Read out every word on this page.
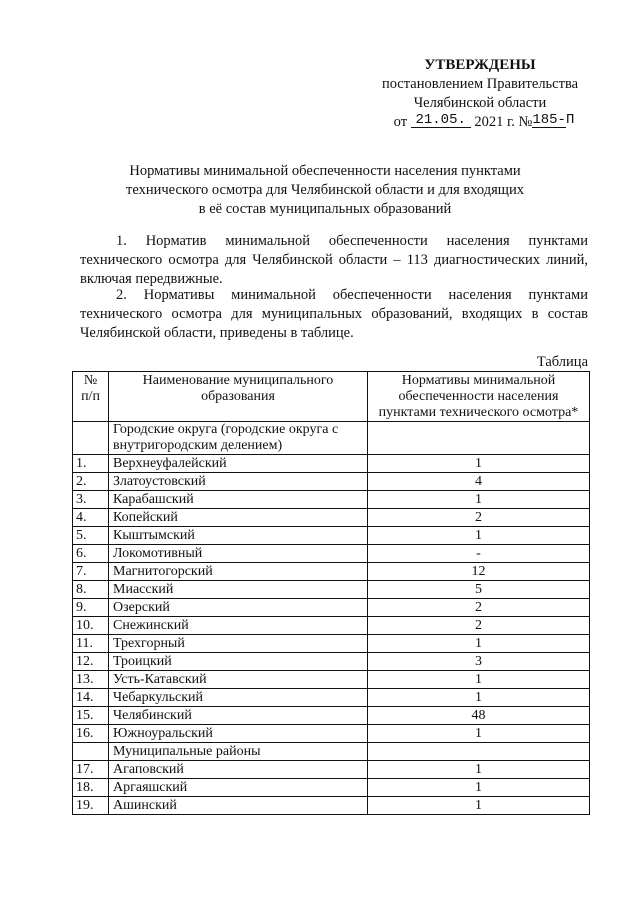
УТВЕРЖДЕНЫ
постановлением Правительства
Челябинской области
от 21.05. 2021 г. №185-П
Нормативы минимальной обеспеченности населения пунктами
технического осмотра для Челябинской области и для входящих
в её состав муниципальных образований

1. Норматив минимальной обеспеченности населения пунктами технического осмотра для Челябинской области – 113 диагностических линий, включая передвижные.

2. Нормативы минимальной обеспеченности населения пунктами технического осмотра для муниципальных образований, входящих в состав Челябинской области, приведены в таблице.

Таблица
№ п/п	Наименование муниципального образования	Нормативы минимальной обеспеченности населения пунктами технического осмотра*
	Городские округа (городские округа с внутригородским делением)	
1.	Верхнеуфалейский	1
2.	Златоустовский	4
3.	Карабашский	1
4.	Копейский	2
5.	Кыштымский	1
6.	Локомотивный	-
7.	Магнитогорский	12
8.	Миасский	5
9.	Озерский	2
10.	Снежинский	2
11.	Трехгорный	1
12.	Троицкий	3
13.	Усть-Катавский	1
14.	Чебаркульский	1
15.	Челябинский	48
16.	Южноуральский	1
	Муниципальные районы	
17.	Агаповский	1
18.	Аргаяшский	1
19.	Ашинский	1
